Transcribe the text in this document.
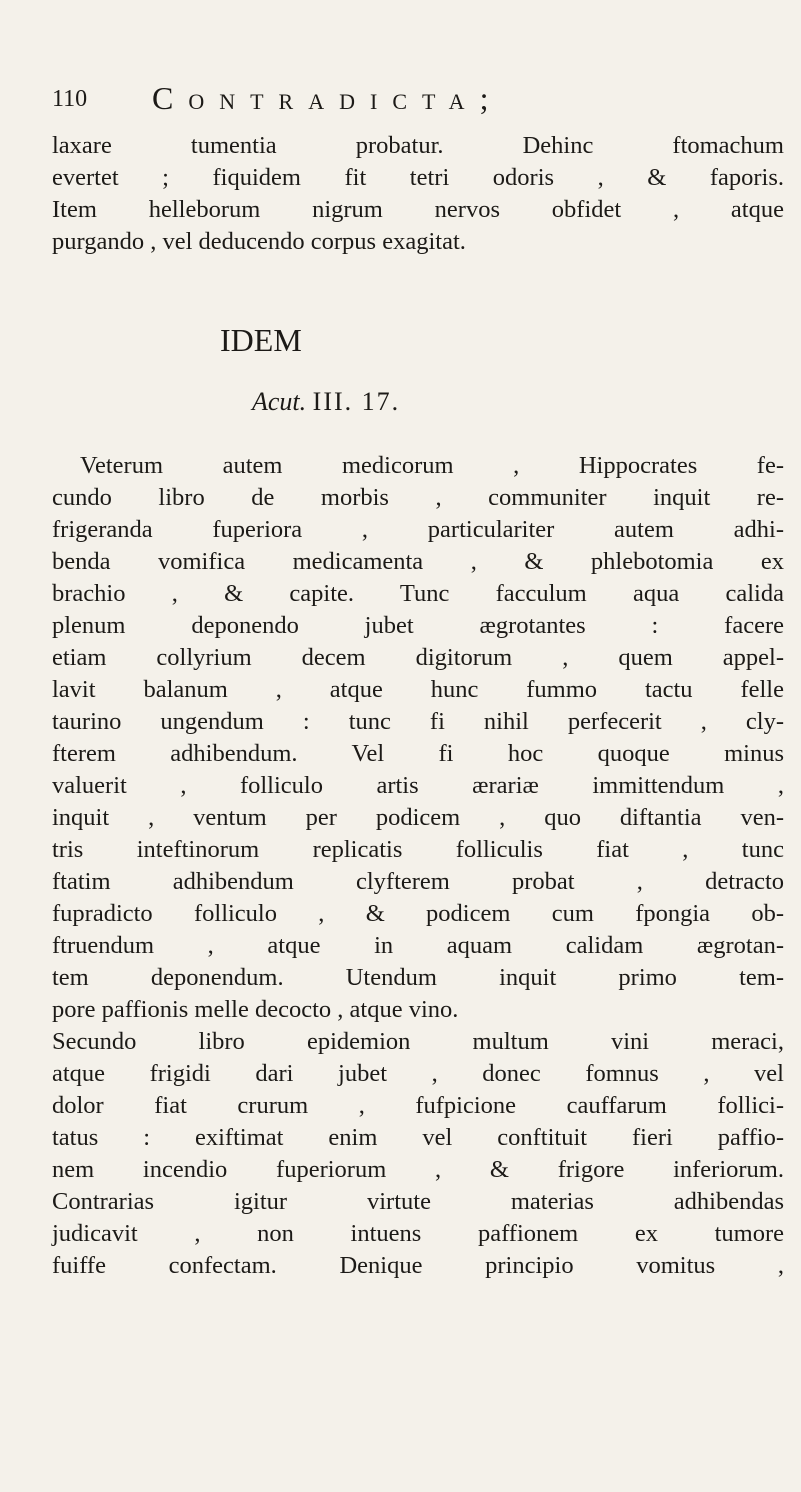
110 Contradicta;
laxare tumentia probatur. Dehinc ftomachum
evertet ; fiquidem fit tetri odoris , & faporis.
Item helleborum nigrum nervos obfidet , atque
purgando , vel deducendo corpus exagitat.
IDEM
Acut. III. 17.
Veterum autem medicorum , Hippocrates fe-
cundo libro de morbis , communiter inquit re-
frigeranda fuperiora , particulariter autem adhi-
benda vomifica medicamenta , & phlebotomia ex
brachio , & capite. Tunc facculum aqua calida
plenum deponendo jubet ægrotantes : facere
etiam collyrium decem digitorum , quem appel-
lavit balanum , atque hunc fummo tactu felle
taurino ungendum : tunc fi nihil perfecerit , cly-
fterem adhibendum. Vel fi hoc quoque minus
valuerit , folliculo artis ærariæ immittendum ,
inquit , ventum per podicem , quo diftantia ven-
tris inteftinorum replicatis folliculis fiat , tunc
ftatim adhibendum clyfterem probat , detracto
fupradicto folliculo , & podicem cum fpongia ob-
ftruendum , atque in aquam calidam ægrotan-
tem deponendum. Utendum inquit primo tem-
pore paffionis melle decocto , atque vino.
Secundo libro epidemion multum vini meraci,
atque frigidi dari jubet , donec fomnus , vel
dolor fiat crurum , fufpicione cauffarum follici-
tatus : exiftimat enim vel conftituit fieri paffio-
nem incendio fuperiorum , & frigore inferiorum.
Contrarias igitur virtute materias adhibendas
judicavit , non intuens paffionem ex tumore
fuiffe confectam. Denique principio vomitus ,
